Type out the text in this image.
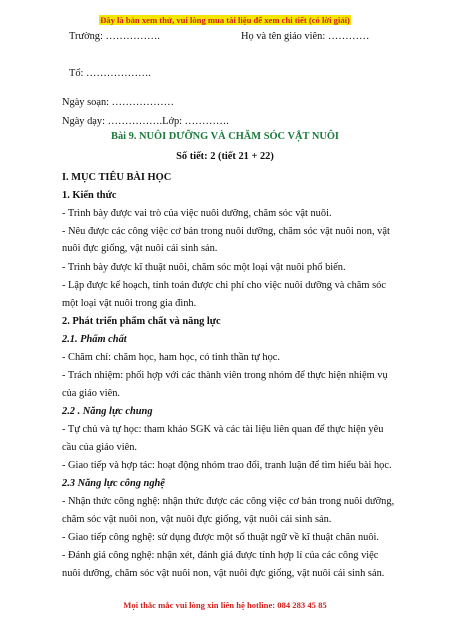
Đây là bản xem thử, vui lòng mua tài liệu để xem chi tiết (có lời giải)
Trường: …………….	Họ và tên giáo viên: …………
Tổ: ……………….
Ngày soạn: ………………
Ngày dạy: …………….Lớp: ………….
Bài 9. NUÔI DƯỠNG VÀ CHĂM SÓC VẬT NUÔI
Số tiết: 2 (tiết 21 + 22)
I. MỤC TIÊU BÀI HỌC
1. Kiến thức
- Trình bày được vai trò của việc nuôi dưỡng, chăm sóc vật nuôi.
- Nêu được các công việc cơ bản trong nuôi dưỡng, chăm sóc vật nuôi non, vật
nuôi đực giống, vật nuôi cái sinh sản.
- Trình bày được kĩ thuật nuôi, chăm sóc một loại vật nuôi phổ biến.
- Lập được kế hoạch, tính toán được chi phí cho việc nuôi dưỡng và chăm sóc
một loại vật nuôi trong gia đình.
2. Phát triển phẩm chất và năng lực
2.1. Phẩm chất
- Chăm chỉ: chăm học, ham học, có tinh thần tự học.
- Trách nhiệm: phối hợp với các thành viên trong nhóm để thực hiện nhiệm vụ
của giáo viên.
2.2 . Năng lực chung
- Tự chủ và tự học: tham khảo SGK và các tài liệu liên quan để thực hiện yêu
cầu của giáo viên.
- Giao tiếp và hợp tác: hoạt động nhóm trao đổi, tranh luận để tìm hiểu bài học.
2.3 Năng lực công nghệ
- Nhận thức công nghệ: nhận thức được các công việc cơ bản trong nuôi dưỡng,
chăm sóc vật nuôi non, vật nuôi đực giống, vật nuôi cái sinh sản.
- Giao tiếp công nghệ: sử dụng được một số thuật ngữ về kĩ thuật chăn nuôi.
- Đánh giá công nghệ: nhận xét, đánh giá được tính hợp lí của các công việc
nuôi dưỡng, chăm sóc vật nuôi non, vật nuôi đực giống, vật nuôi cái sinh sản.
Mọi thắc mắc vui lòng xin liên hệ hotline: 084 283 45 85
